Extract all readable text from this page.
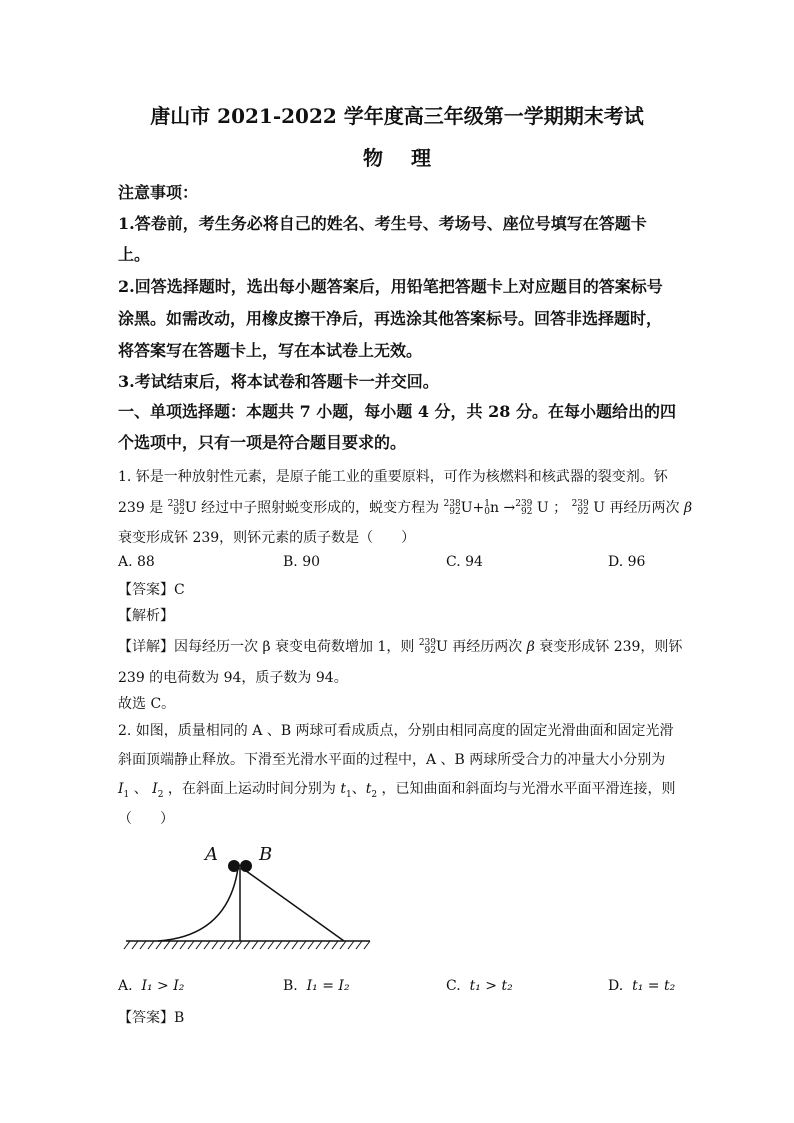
唐山市 2021-2022 学年度高三年级第一学期期末考试
物理
注意事项：
1.答卷前，考生务必将自己的姓名、考生号、考场号、座位号填写在答题卡
上。
2.回答选择题时，选出每小题答案后，用铅笔把答题卡上对应题目的答案标号
涂黑。如需改动，用橡皮擦干净后，再选涂其他答案标号。回答非选择题时，
将答案写在答题卡上，写在本试卷上无效。
3.考试结束后，将本试卷和答题卡一并交回。
一、单项选择题：本题共 7 小题，每小题 4 分，共 28 分。在每小题给出的四
个选项中，只有一项是符合题目要求的。
1. 钚是一种放射性元素，是原子能工业的重要原料，可作为核燃料和核武器的裂变剂。钚
239 是 238
92 U 经过中子照射蜕变形成的，蜕变方程为 238
92 U+ 1
0 n → 239
92 U ； 239
92 U 再经历两次 β
衰变形成钚 239，则钚元素的质子数是（　　）
A. 88	B. 90	C. 94	D. 96
【答案】C
【解析】
【详解】因每经历一次 β 衰变电荷数增加 1，则 239
92 U 再经历两次 β 衰变形成钚 239，则钚
239 的电荷数为 94，质子数为 94。
故选 C。
2. 如图，质量相同的 A 、B 两球可看成质点，分别由相同高度的固定光滑曲面和固定光滑
斜面顶端静止释放。下滑至光滑水平面的过程中，A 、B 两球所受合力的冲量大小分别为
$I_1$ 、 $I_2$ ，在斜面上运动时间分别为 $t_1$、$t_2$ ，已知曲面和斜面均与光滑水平面平滑连接，则
（　　）
A B
A. I₁ > I₂	B. I₁ = I₂	C. t₁ > t₂	D. t₁ = t₂
【答案】B
